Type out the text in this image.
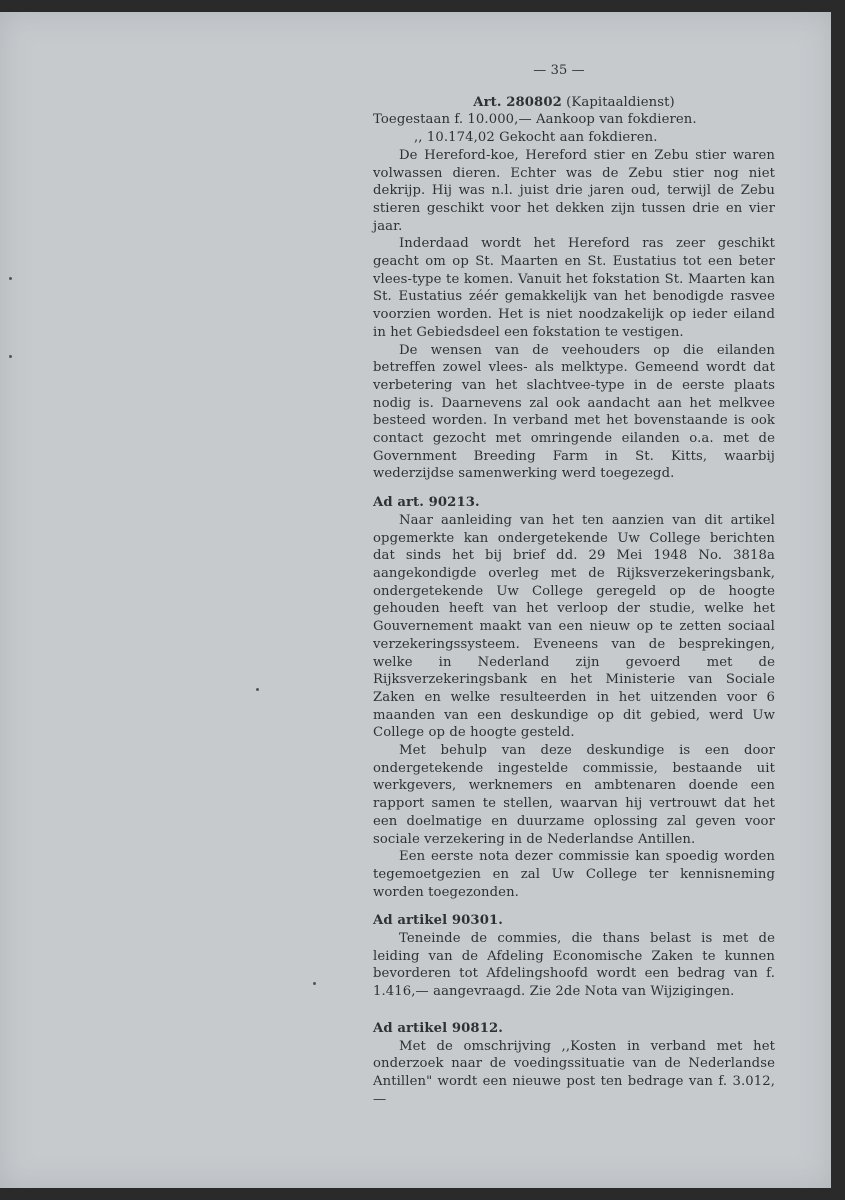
— 35 —
Art. 280802 (Kapitaaldienst)
Toegestaan f. 10.000,— Aankoop van fokdieren.
,, 10.174,02 Gekocht aan fokdieren.

De Hereford-koe, Hereford stier en Zebu stier waren volwassen dieren. Echter was de Zebu stier nog niet dekrijp. Hij was n.l. juist drie jaren oud, terwijl de Zebu stieren geschikt voor het dekken zijn tussen drie en vier jaar.

Inderdaad wordt het Hereford ras zeer geschikt geacht om op St. Maarten en St. Eustatius tot een beter vlees-type te komen. Vanuit het fokstation St. Maarten kan St. Eustatius zéér gemakkelijk van het benodigde rasvee voorzien worden. Het is niet noodzakelijk op ieder eiland in het Gebiedsdeel een fokstation te vestigen.

De wensen van de veehouders op die eilanden betreffen zowel vlees- als melktype. Gemeend wordt dat verbetering van het slachtvee-type in de eerste plaats nodig is. Daarnevens zal ook aandacht aan het melkvee besteed worden. In verband met het bovenstaande is ook contact gezocht met omringende eilanden o.a. met de Government Breeding Farm in St. Kitts, waarbij wederzijdse samenwerking werd toegezegd.

Ad art. 90213.

Naar aanleiding van het ten aanzien van dit artikel opgemerkte kan ondergetekende Uw College berichten dat sinds het bij brief dd. 29 Mei 1948 No. 3818a aangekondigde overleg met de Rijksverzekeringsbank, ondergetekende Uw College geregeld op de hoogte gehouden heeft van het verloop der studie, welke het Gouvernement maakt van een nieuw op te zetten sociaal verzekeringssysteem. Eveneens van de besprekingen, welke in Nederland zijn gevoerd met de Rijksverzekeringsbank en het Ministerie van Sociale Zaken en welke resulteerden in het uitzenden voor 6 maanden van een deskundige op dit gebied, werd Uw College op de hoogte gesteld.

Met behulp van deze deskundige is een door ondergetekende ingestelde commissie, bestaande uit werkgevers, werknemers en ambtenaren doende een rapport samen te stellen, waarvan hij vertrouwt dat het een doelmatige en duurzame oplossing zal geven voor sociale verzekering in de Nederlandse Antillen.

Een eerste nota dezer commissie kan spoedig worden tegemoetgezien en zal Uw College ter kennisneming worden toegezonden.

Ad artikel 90301.

Teneinde de commies, die thans belast is met de leiding van de Afdeling Economische Zaken te kunnen bevorderen tot Afdelingshoofd wordt een bedrag van f. 1.416,— aangevraagd. Zie 2de Nota van Wijzigingen.

Ad artikel 90812.

Met de omschrijving ,,Kosten in verband met het onderzoek naar de voedingssituatie van de Nederlandse Antillen" wordt een nieuwe post ten bedrage van f. 3.012,—
